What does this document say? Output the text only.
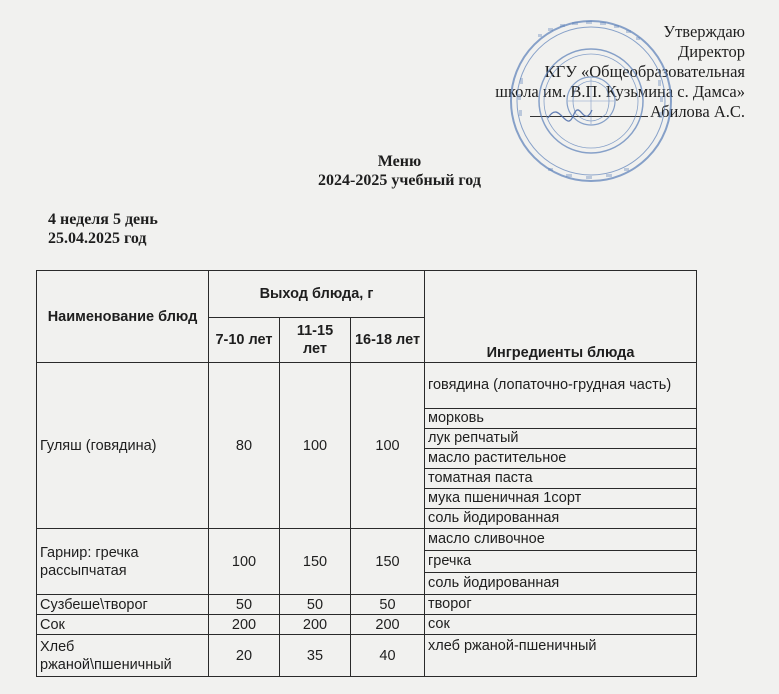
Утверждаю
Директор
КГУ «Общеобразовательная
школа им. В.П. Кузьмина с. Дамса»
Абилова А.С.
Меню
2024-2025 учебный год
4 неделя 5 день
25.04.2025 год
Наименование блюд	Выход блюда, г			Ингредиенты блюда
	7-10 лет	11-15 лет	16-18 лет	
Гуляш (говядина)	80	100	100	говядина (лопаточно-грудная часть)
				морковь
				лук репчатый
				масло растительное
				томатная паста
				мука пшеничная 1сорт
				соль йодированная
Гарнир: гречка рассыпчатая	100	150	150	масло сливочное
				гречка
				соль йодированная
Сузбеше\творог	50	50	50	творог
Сок	200	200	200	сок
Хлеб ржаной\пшеничный	20	35	40	хлеб ржаной-пшеничный
